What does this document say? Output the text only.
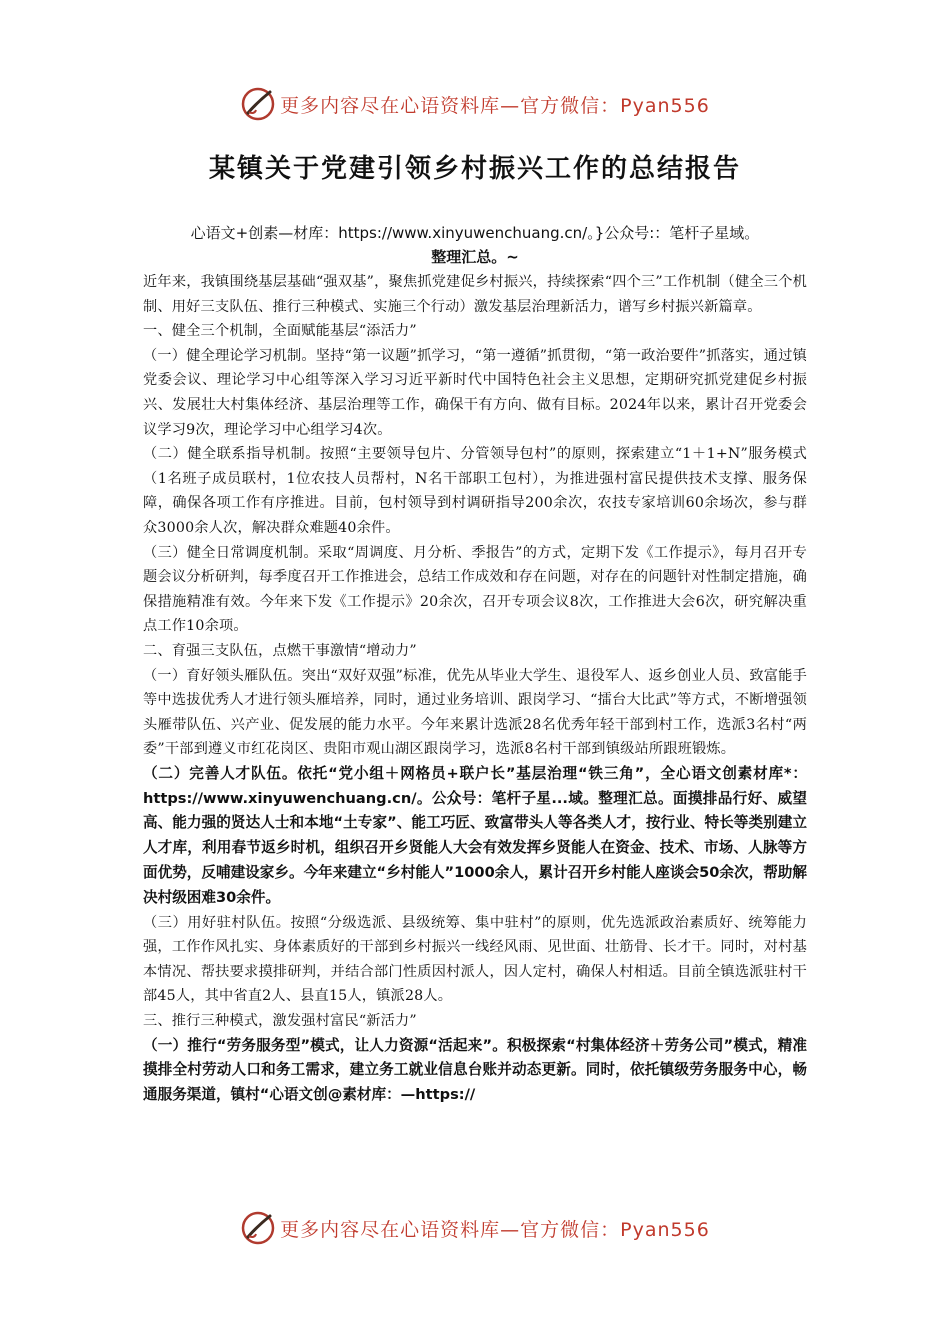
更多内容尽在心语资料库—官方微信：Pyan556
某镇关于党建引领乡村振兴工作的总结报告
心语文+创素—材库：https://www.xinyuwenchuang.cn/。}公众号:：笔杆子星域。
整理汇总。~

近年来，我镇围绕基层基础“强双基”，聚焦抓党建促乡村振兴，持续探索“四个三”工作机制（健全三个机制、用好三支队伍、推行三种模式、实施三个行动）激发基层治理新活力，谱写乡村振兴新篇章。

一、健全三个机制，全面赋能基层“添活力”

（一）健全理论学习机制。坚持“第一议题”抓学习，“第一遵循”抓贯彻，“第一政治要件”抓落实，通过镇党委会议、理论学习中心组等深入学习习近平新时代中国特色社会主义思想，定期研究抓党建促乡村振兴、发展壮大村集体经济、基层治理等工作，确保干有方向、做有目标。2024年以来，累计召开党委会议学习9次，理论学习中心组学习4次。

（二）健全联系指导机制。按照“主要领导包片、分管领导包村”的原则，探索建立“1＋1+N”服务模式（1名班子成员联村，1位农技人员帮村，N名干部职工包村），为推进强村富民提供技术支撑、服务保障，确保各项工作有序推进。目前，包村领导到村调研指导200余次，农技专家培训60余场次，参与群众3000余人次，解决群众难题40余件。

（三）健全日常调度机制。采取“周调度、月分析、季报告”的方式，定期下发《工作提示》，每月召开专题会议分析研判，每季度召开工作推进会，总结工作成效和存在问题，对存在的问题针对性制定措施，确保措施精准有效。今年来下发《工作提示》20余次，召开专项会议8次，工作推进大会6次，研究解决重点工作10余项。

二、育强三支队伍，点燃干事激情“增动力”

（一）育好领头雁队伍。突出“双好双强”标准，优先从毕业大学生、退役军人、返乡创业人员、致富能手等中选拔优秀人才进行领头雁培养，同时，通过业务培训、跟岗学习、“擂台大比武”等方式，不断增强领头雁带队伍、兴产业、促发展的能力水平。今年来累计选派28名优秀年轻干部到村工作，选派3名村“两委”干部到遵义市红花岗区、贵阳市观山湖区跟岗学习，选派8名村干部到镇级站所跟班锻炼。

（二）完善人才队伍。依托“党小组＋网格员+联户长”基层治理“铁三角”，全心语文创素材库*：https://www.xinyuwenchuang.cn/。公众号：笔杆子星...域。整理汇总。面摸排品行好、威望高、能力强的贤达人士和本地“土专家”、能工巧匠、致富带头人等各类人才，按行业、特长等类别建立人才库，利用春节返乡时机，组织召开乡贤能人大会有效发挥乡贤能人在资金、技术、市场、人脉等方面优势，反哺建设家乡。今年来建立“乡村能人”1000余人，累计召开乡村能人座谈会50余次，帮助解决村级困难30余件。

（三）用好驻村队伍。按照“分级选派、县级统筹、集中驻村”的原则，优先选派政治素质好、统筹能力强，工作作风扎实、身体素质好的干部到乡村振兴一线经风雨、见世面、壮筋骨、长才干。同时，对村基本情况、帮扶要求摸排研判，并结合部门性质因村派人，因人定村，确保人村相适。目前全镇选派驻村干部45人，其中省直2人、县直15人，镇派28人。

三、推行三种模式，激发强村富民“新活力”

（一）推行“劳务服务型”模式，让人力资源“活起来”。积极探索“村集体经济＋劳务公司”模式，精准摸排全村劳动人口和务工需求，建立务工就业信息台账并动态更新。同时，依托镇级劳务服务中心，畅通服务渠道，镇村“心语文创@素材库：—https://

更多内容尽在心语资料库—官方微信：Pyan556
